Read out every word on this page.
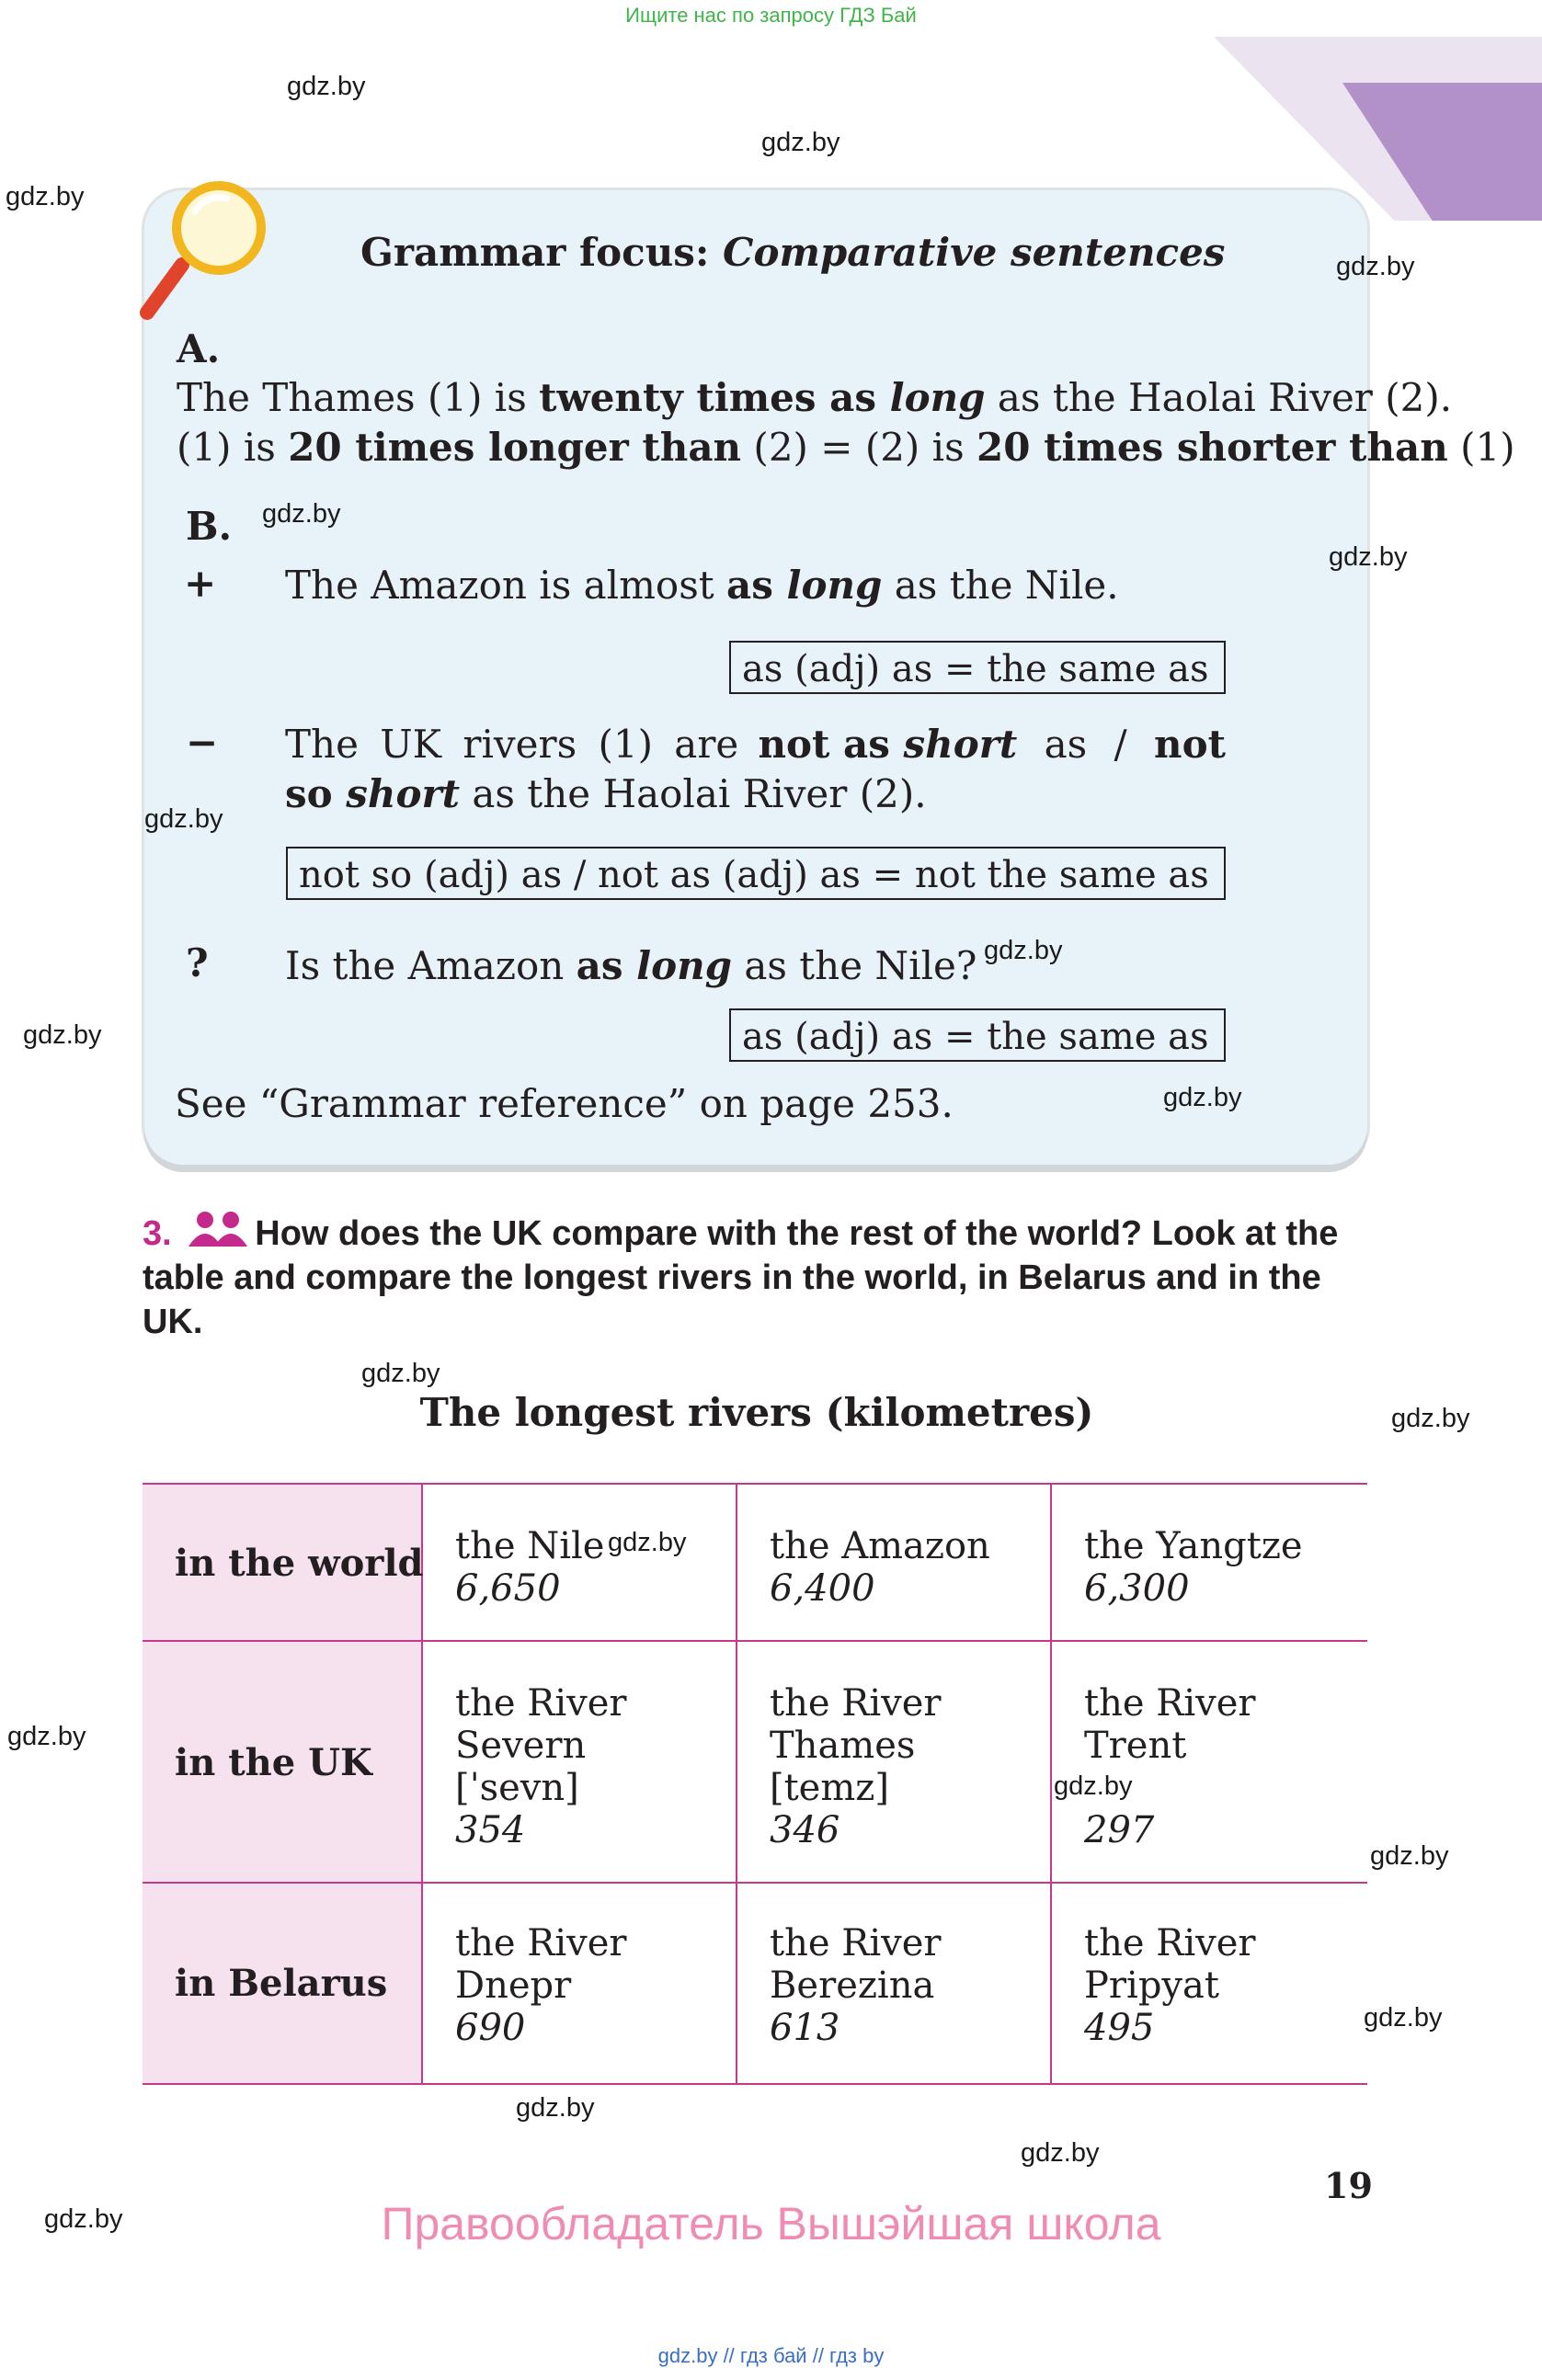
Ищите нас по запросу ГДЗ Бай
Grammar focus: Comparative sentences
A.
The Thames (1) is twenty times as long as the Haolai River (2).
(1) is 20 times longer than (2) = (2) is 20 times shorter than (1)
B.
+ The Amazon is almost as long as the Nile.
as (adj) as = the same as
− The UK rivers (1) are not as short as / not
so short as the Haolai River (2).
not so (adj) as / not as (adj) as = not the same as
? Is the Amazon as long as the Nile?
as (adj) as = the same as
See “Grammar reference” on page 253.
3. How does the UK compare with the rest of the world? Look at the table and compare the longest rivers in the world, in Belarus and in the UK.
The longest rivers (kilometres)
in the world the Nile
6,650
the Amazon
6,400
the Yangtze
6,300
in the UK
the River
Severn
[ˈsevn]
354
the River
Thames
[temz]
346
the River
Trent
297
in Belarus
the River
Dnepr
690
the River
Berezina
613
the River
Pripyat
495
19
Правообладатель Вышэйшая школа
gdz.by // гдз бай // гдз by
gdz.by
gdz.by
gdz.by
gdz.by
gdz.by
gdz.by
gdz.by
gdz.by
gdz.by
gdz.by
gdz.by
gdz.by
gdz.by
gdz.by
gdz.by
gdz.by
gdz.by
gdz.by
gdz.by
gdz.by
